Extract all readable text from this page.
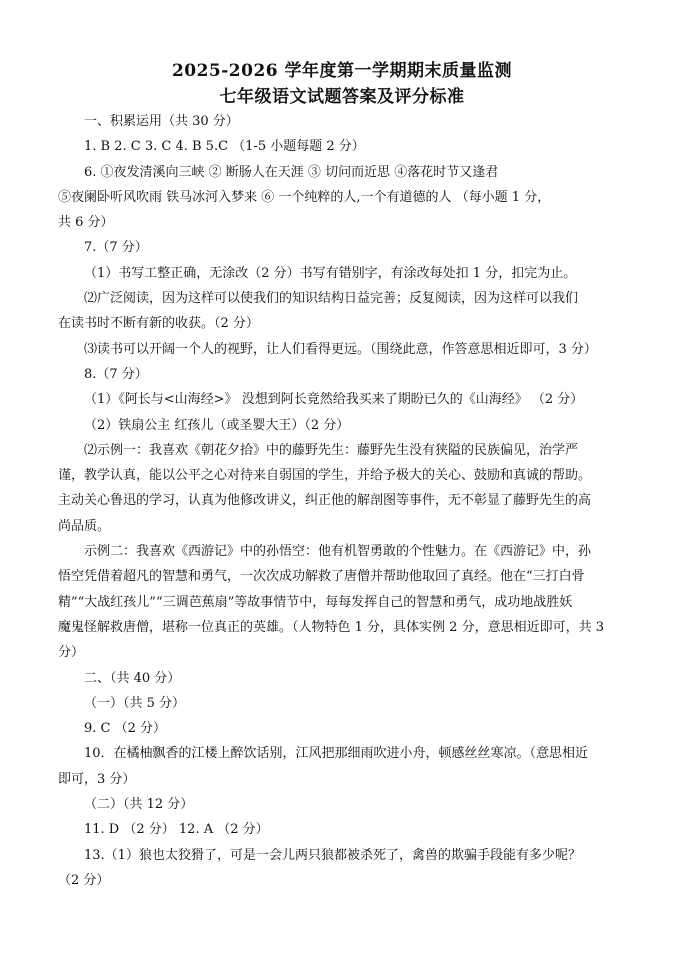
2025-2026 学年度第一学期期末质量监测

七年级语文试题答案及评分标准

一、积累运用（共 30 分）

1. B 2. C 3. C 4. B 5.C （1-5 小题每题 2 分）

6. ①夜发清溪向三峡 ② 断肠人在天涯 ③ 切问而近思 ④落花时节又逢君

⑤夜阑卧听风吹雨 铁马冰河入梦来 ⑥ 一个纯粹的人,一个有道德的人 （每小题 1 分，

共 6 分）

7.（7 分）

（1）书写工整正确，无涂改（2 分）书写有错别字，有涂改每处扣 1 分，扣完为止。

⑵广泛阅读，因为这样可以使我们的知识结构日益完善；反复阅读，因为这样可以我们

在读书时不断有新的收获。（2 分）

⑶读书可以开阔一个人的视野，让人们看得更远。（围绕此意，作答意思相近即可，3 分）

8.（7 分）

（1）《阿长与<山海经>》 没想到阿长竟然给我买来了期盼已久的《山海经》 （2 分）

（2）铁扇公主 红孩儿（或圣婴大王）（2 分）

⑵示例一：我喜欢《朝花夕拾》中的藤野先生：藤野先生没有狭隘的民族偏见，治学严

谨，教学认真，能以公平之心对待来自弱国的学生，并给予极大的关心、鼓励和真诚的帮助。

主动关心鲁迅的学习，认真为他修改讲义，纠正他的解剖图等事件，无不彰显了藤野先生的高

尚品质。

示例二：我喜欢《西游记》中的孙悟空：他有机智勇敢的个性魅力。在《西游记》中，孙

悟空凭借着超凡的智慧和勇气，一次次成功解救了唐僧并帮助他取回了真经。他在“三打白骨

精”“大战红孩儿”“三调芭蕉扇”等故事情节中，每每发挥自己的智慧和勇气，成功地战胜妖

魔鬼怪解救唐僧，堪称一位真正的英雄。（人物特色 1 分，具体实例 2 分，意思相近即可，共 3

分）

二、（共 40 分）

（一）（共 5 分）

9. C （2 分）

10．在橘柚飘香的江楼上醉饮话别，江风把那细雨吹进小舟，顿感丝丝寒凉。（意思相近

即可，3 分）

（二）（共 12 分）

11. D （2 分） 12. A （2 分）

13.（1）狼也太狡猾了，可是一会儿两只狼都被杀死了，禽兽的欺骗手段能有多少呢？

（2 分）
